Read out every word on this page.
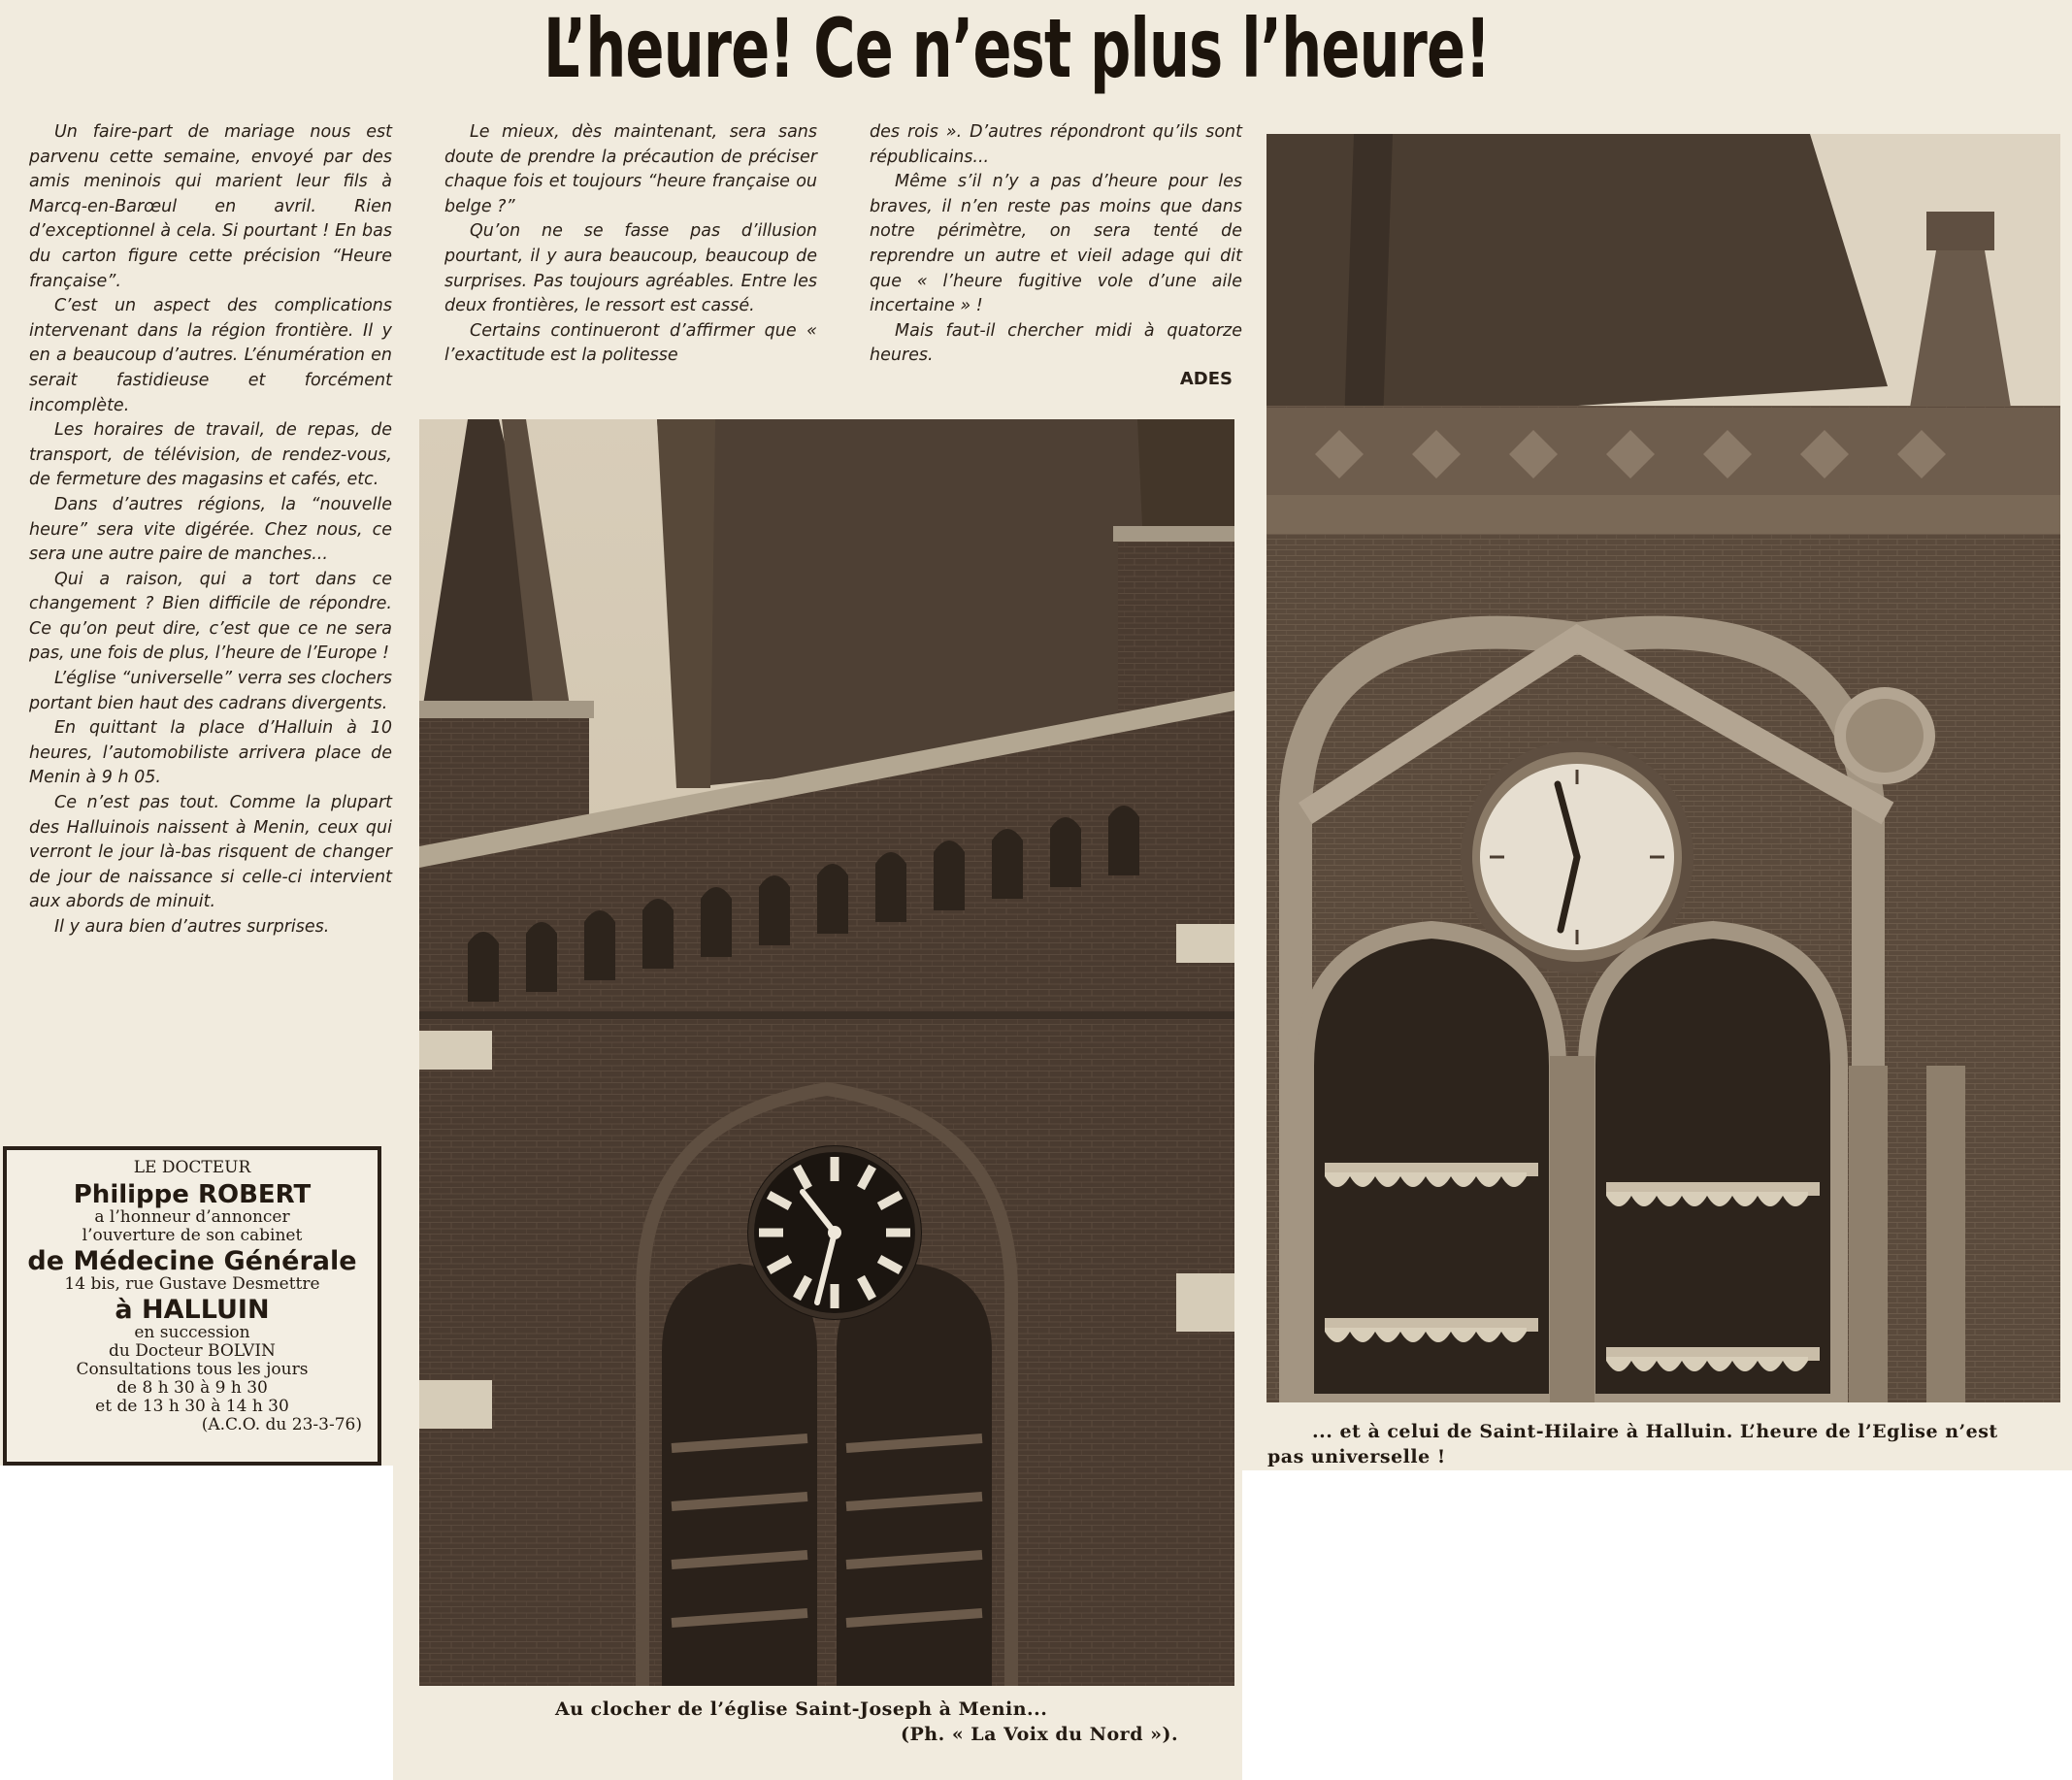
L’heure! Ce n’est plus l’heure!

Un faire-part de mariage nous est parvenu cette semaine, envoyé par des amis meninois qui marient leur fils à Marcq-en-Barœul en avril. Rien d’exceptionnel à cela. Si pourtant ! En bas du carton figure cette précision “Heure française”.

C’est un aspect des complications intervenant dans la région frontière. Il y en a beaucoup d’autres. L’énumération en serait fastidieuse et forcément incomplète.

Les horaires de travail, de repas, de transport, de télévision, de rendez-vous, de fermeture des magasins et cafés, etc.

Dans d’autres régions, la “nouvelle heure” sera vite digérée. Chez nous, ce sera une autre paire de manches...

Qui a raison, qui a tort dans ce changement ? Bien difficile de répondre. Ce qu’on peut dire, c’est que ce ne sera pas, une fois de plus, l’heure de l’Europe !

L’église “universelle” verra ses clochers portant bien haut des cadrans divergents.

En quittant la place d’Halluin à 10 heures, l’automobiliste arrivera place de Menin à 9 h 05.

Ce n’est pas tout. Comme la plupart des Halluinois naissent à Menin, ceux qui verront le jour là-bas risquent de changer de jour de naissance si celle-ci intervient aux abords de minuit.

Il y aura bien d’autres surprises.

Le mieux, dès maintenant, sera sans doute de prendre la précaution de préciser chaque fois et toujours “heure française ou belge ?”

Qu’on ne se fasse pas d’illusion pourtant, il y aura beaucoup, beaucoup de surprises. Pas toujours agréables. Entre les deux frontières, le ressort est cassé.

Certains continueront d’affirmer que « l’exactitude est la politesse

des rois ». D’autres répondront qu’ils sont républicains...

Même s’il n’y a pas d’heure pour les braves, il n’en reste pas moins que dans notre périmètre, on sera tenté de reprendre un autre et vieil adage qui dit que « l’heure fugitive vole d’une aile incertaine » !

Mais faut-il chercher midi à quatorze heures.

ADES
LE DOCTEUR
Philippe ROBERT
a l’honneur d’annoncer
l’ouverture de son cabinet
de Médecine Générale
14 bis, rue Gustave Desmettre
à HALLUIN
en succession
du Docteur BOLVIN
Consultations tous les jours
de 8 h 30 à 9 h 30
et de 13 h 30 à 14 h 30
(A.C.O. du 23-3-76)
Au clocher de l’église Saint-Joseph à Menin...
(Ph. « La Voix du Nord »).
... et à celui de Saint-Hilaire à Halluin. L’heure de l’Eglise n’est
pas universelle !
